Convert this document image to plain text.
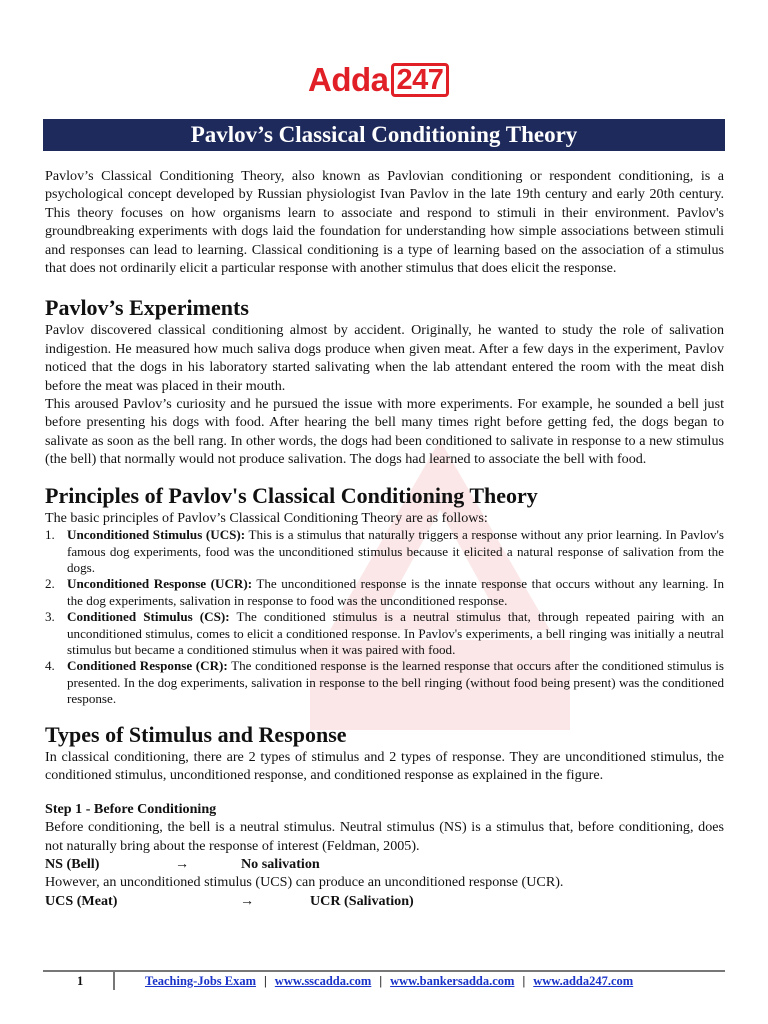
Adda 247
Pavlov’s Classical Conditioning Theory

Pavlov’s Classical Conditioning Theory, also known as Pavlovian conditioning or respondent conditioning, is a psychological concept developed by Russian physiologist Ivan Pavlov in the late 19th century and early 20th century. This theory focuses on how organisms learn to associate and respond to stimuli in their environment. Pavlov's groundbreaking experiments with dogs laid the foundation for understanding how simple associations between stimuli and responses can lead to learning. Classical conditioning is a type of learning based on the association of a stimulus that does not ordinarily elicit a particular response with another stimulus that does elicit the response.

Pavlov’s Experiments

Pavlov discovered classical conditioning almost by accident. Originally, he wanted to study the role of salivation indigestion. He measured how much saliva dogs produce when given meat. After a few days in the experiment, Pavlov noticed that the dogs in his laboratory started salivating when the lab attendant entered the room with the meat dish before the meat was placed in their mouth.

This aroused Pavlov’s curiosity and he pursued the issue with more experiments. For example, he sounded a bell just before presenting his dogs with food. After hearing the bell many times right before getting fed, the dogs began to salivate as soon as the bell rang. In other words, the dogs had been conditioned to salivate in response to a new stimulus (the bell) that normally would not produce salivation. The dogs had learned to associate the bell with food.

Principles of Pavlov's Classical Conditioning Theory

The basic principles of Pavlov’s Classical Conditioning Theory are as follows:

1. Unconditioned Stimulus (UCS): This is a stimulus that naturally triggers a response without any prior learning. In Pavlov's famous dog experiments, food was the unconditioned stimulus because it elicited a natural response of salivation from the dogs.
2. Unconditioned Response (UCR): The unconditioned response is the innate response that occurs without any learning. In the dog experiments, salivation in response to food was the unconditioned response.
3. Conditioned Stimulus (CS): The conditioned stimulus is a neutral stimulus that, through repeated pairing with an unconditioned stimulus, comes to elicit a conditioned response. In Pavlov's experiments, a bell ringing was initially a neutral stimulus but became a conditioned stimulus when it was paired with food.
4. Conditioned Response (CR): The conditioned response is the learned response that occurs after the conditioned stimulus is presented. In the dog experiments, salivation in response to the bell ringing (without food being present) was the conditioned response.
Types of Stimulus and Response

In classical conditioning, there are 2 types of stimulus and 2 types of response. They are unconditioned stimulus, the conditioned stimulus, unconditioned response, and conditioned response as explained in the figure.

Step 1 - Before Conditioning

Before conditioning, the bell is a neutral stimulus. Neutral stimulus (NS) is a stimulus that, before conditioning, does not naturally bring about the response of interest (Feldman, 2005).

NS (Bell)	→	No salivation

However, an unconditioned stimulus (UCS) can produce an unconditioned response (UCR).

UCS (Meat)	→	UCR (Salivation)
1	Teaching-Jobs Exam | www.sscadda.com | www.bankersadda.com | www.adda247.com
